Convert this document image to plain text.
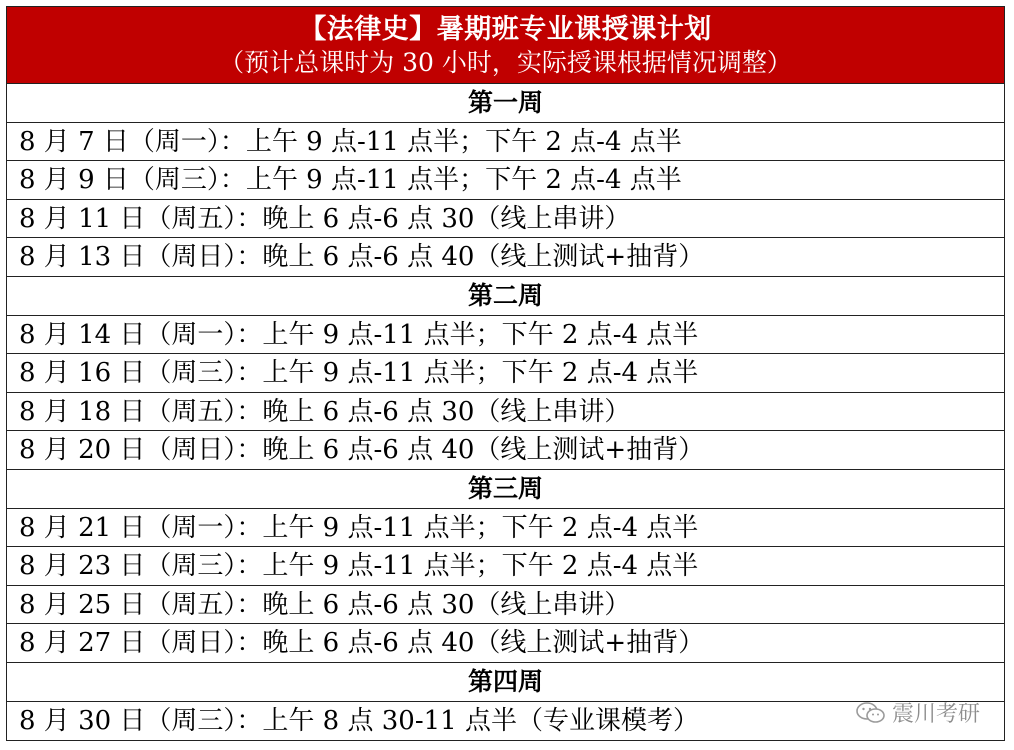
【法律史】暑期班专业课授课计划
（预计总课时为 30 小时，实际授课根据情况调整）
第一周
8 月 7 日（周一）：上午 9 点-11 点半；下午 2 点-4 点半
8 月 9 日（周三）：上午 9 点-11 点半；下午 2 点-4 点半
8 月 11 日（周五）：晚上 6 点-6 点 30（线上串讲）
8 月 13 日（周日）：晚上 6 点-6 点 40（线上测试+抽背）
第二周
8 月 14 日（周一）：上午 9 点-11 点半；下午 2 点-4 点半
8 月 16 日（周三）：上午 9 点-11 点半；下午 2 点-4 点半
8 月 18 日（周五）：晚上 6 点-6 点 30（线上串讲）
8 月 20 日（周日）：晚上 6 点-6 点 40（线上测试+抽背）
第三周
8 月 21 日（周一）：上午 9 点-11 点半；下午 2 点-4 点半
8 月 23 日（周三）：上午 9 点-11 点半；下午 2 点-4 点半
8 月 25 日（周五）：晚上 6 点-6 点 30（线上串讲）
8 月 27 日（周日）：晚上 6 点-6 点 40（线上测试+抽背）
第四周
8 月 30 日（周三）：上午 8 点 30-11 点半（专业课模考）	震川考研
